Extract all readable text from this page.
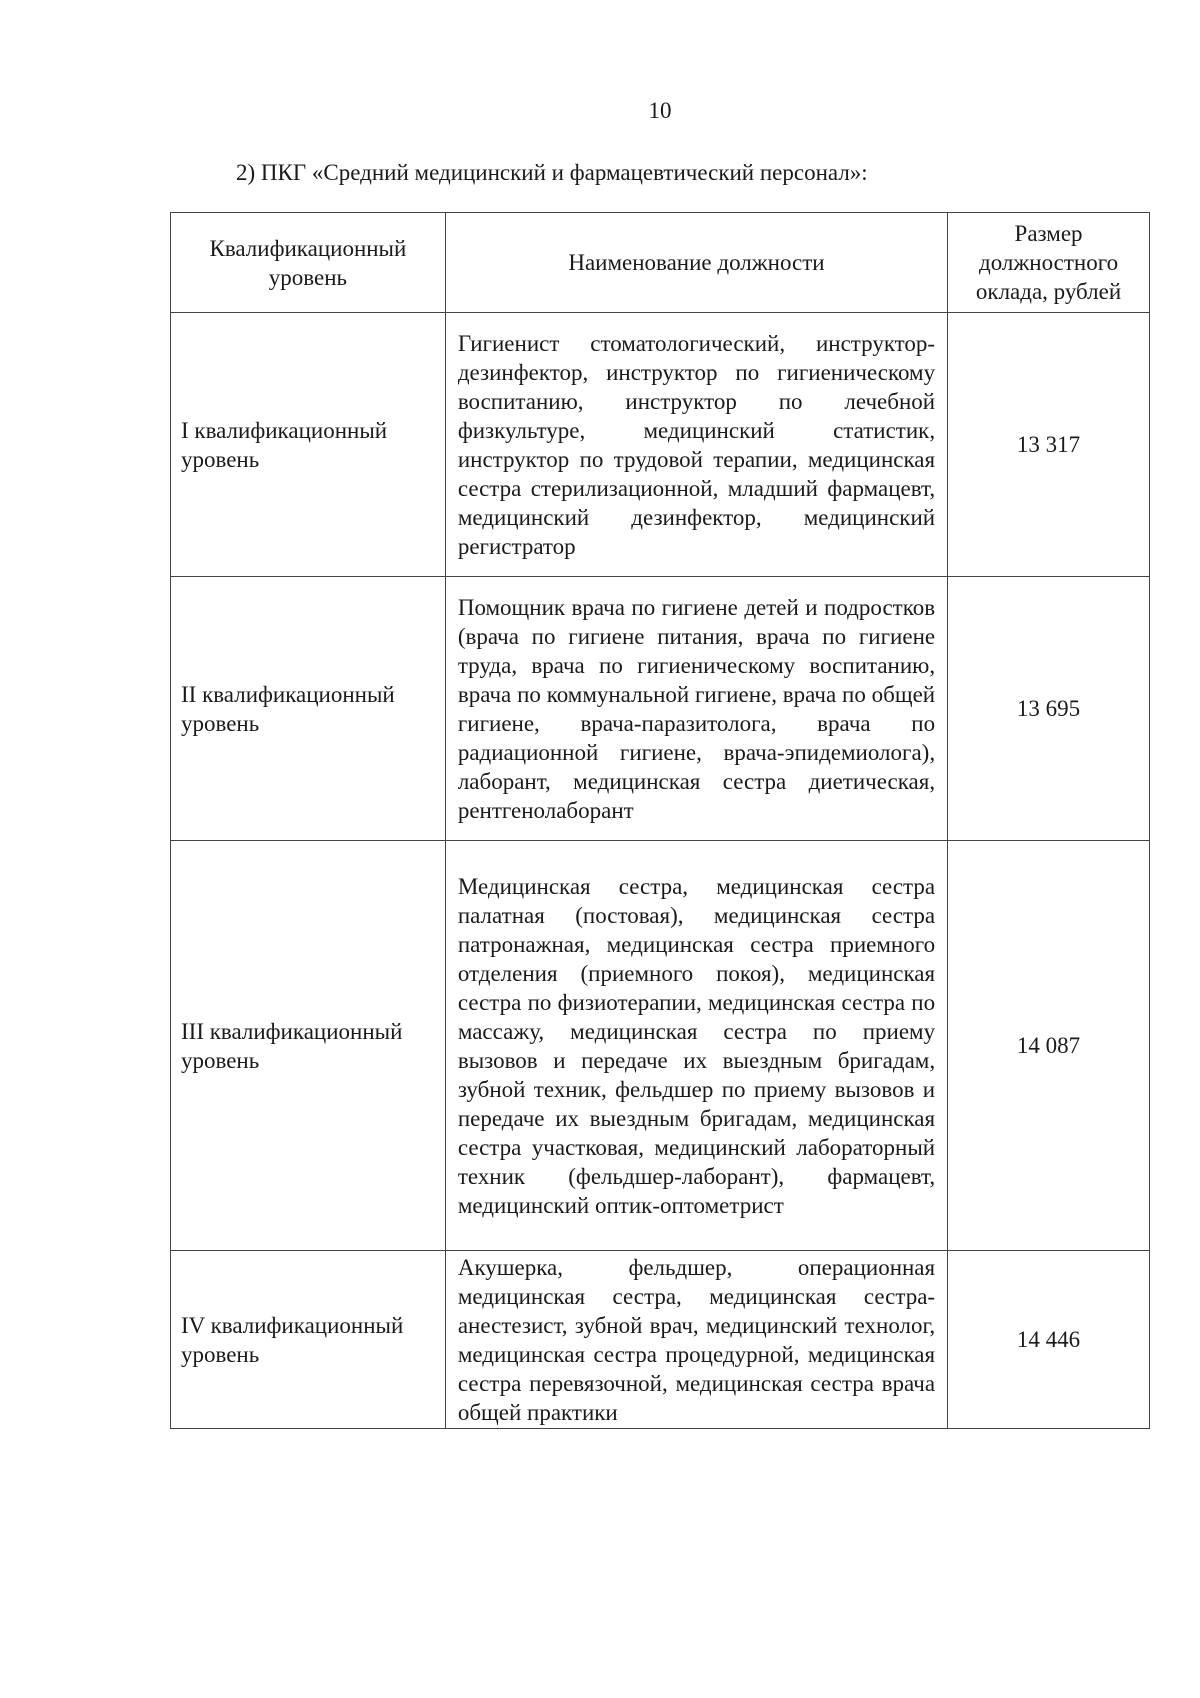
10
2) ПКГ «Средний медицинский и фармацевтический персонал»:
Квалификационный уровень	Наименование должности	Размер должностного оклада, рублей
I квалификационный уровень	Гигиенист стоматологический, инструктор-дезинфектор, инструктор по гигиеническому воспитанию, инструктор по лечебной физкультуре, медицинский статистик, инструктор по трудовой терапии, медицинская сестра стерилизационной, младший фармацевт, медицинский дезинфектор, медицинский регистратор	13 317
II квалификационный уровень	Помощник врача по гигиене детей и подростков (врача по гигиене питания, врача по гигиене труда, врача по гигиеническому воспитанию, врача по коммунальной гигиене, врача по общей гигиене, врача-паразитолога, врача по радиационной гигиене, врача-эпидемиолога), лаборант, медицинская сестра диетическая, рентгенолаборант	13 695
III квалификационный уровень	Медицинская сестра, медицинская сестра палатная (постовая), медицинская сестра патронажная, медицинская сестра приемного отделения (приемного покоя), медицинская сестра по физиотерапии, медицинская сестра по массажу, медицинская сестра по приему вызовов и передаче их выездным бригадам, зубной техник, фельдшер по приему вызовов и передаче их выездным бригадам, медицинская сестра участковая, медицинский лабораторный техник (фельдшер-лаборант), фармацевт, медицинский оптик-оптометрист	14 087
IV квалификационный уровень	Акушерка, фельдшер, операционная медицинская сестра, медицинская сестра-анестезист, зубной врач, медицинский технолог, медицинская сестра процедурной, медицинская сестра перевязочной, медицинская сестра врача общей практики	14 446
